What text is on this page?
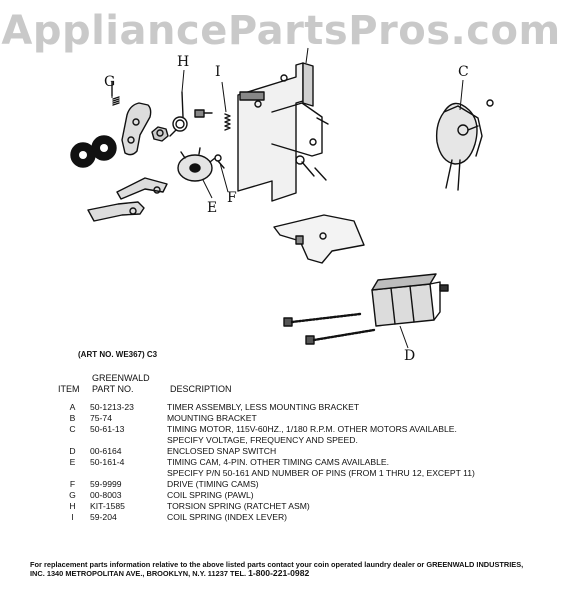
AppliancePartsPros.com
G
H
I	C
E
F
D
(ART NO. WE367) C3
ITEM
GREENWALD
PART NO.	DESCRIPTION
A	50-1213-23	TIMER ASSEMBLY, LESS MOUNTING BRACKET
B	75-74	MOUNTING BRACKET
C	50-61-13	TIMING MOTOR, 115V-60HZ., 1/180 R.P.M. OTHER MOTORS AVAILABLE.
		SPECIFY VOLTAGE, FREQUENCY AND SPEED.
D	00-6164	ENCLOSED SNAP SWITCH
E	50-161-4	TIMING CAM, 4-PIN. OTHER TIMING CAMS AVAILABLE.
		SPECIFY P/N 50-161 AND NUMBER OF PINS (FROM 1 THRU 12, EXCEPT 11)
F	59-9999	DRIVE (TIMING CAMS)
G	00-8003	COIL SPRING (PAWL)
H	KIT-1585	TORSION SPRING (RATCHET ASM)
I	59-204	COIL SPRING (INDEX LEVER)
For replacement parts information relative to the above listed parts contact your coin operated laundry dealer or GREENWALD INDUSTRIES,
INC. 1340 METROPOLITAN AVE., BROOKLYN, N.Y. 11237 TEL. 1-800-221-0982
